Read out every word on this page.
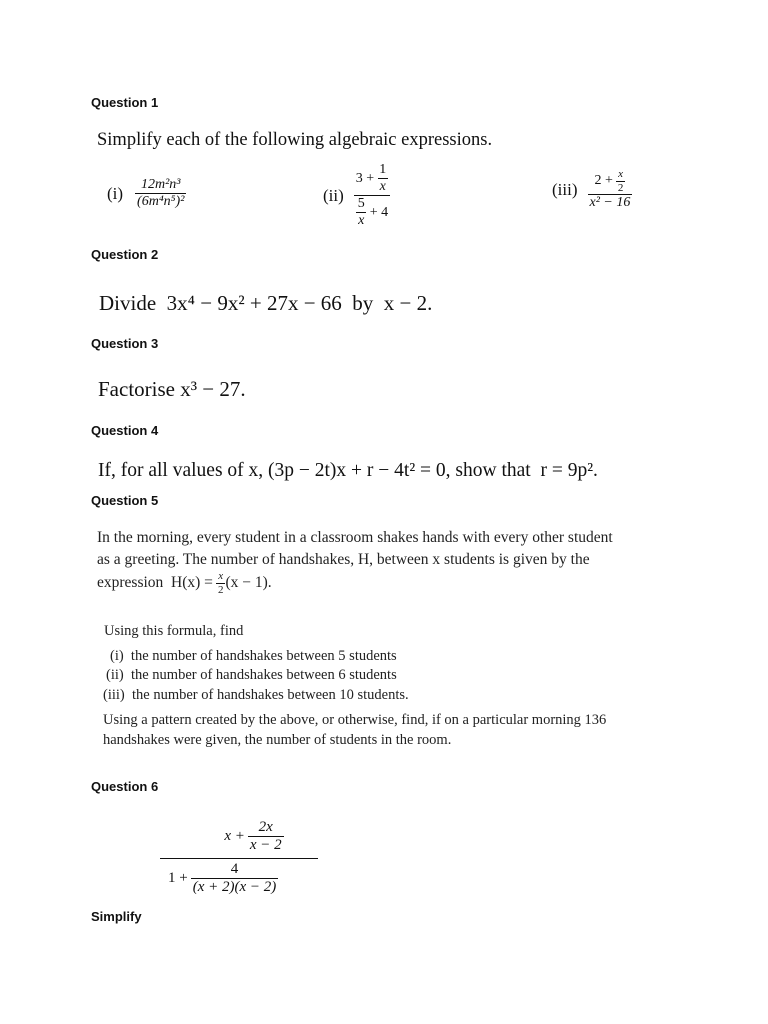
Question 1
Simplify each of the following algebraic expressions.
$(i) \frac{\text{12m²n³}}{\text{(6m⁴n⁵)²}}$	$(ii) \frac{3 + \frac{1}{x}}{\frac{5}{x} + 4}$	$(iii) \frac{2 + \frac{x}{2}}{\text{x² − 16}}$
Question 2
Divide  3x⁴ − 9x² + 27x − 66  by  x − 2.
Question 3
Factorise x³ − 27.
Question 4
If, for all values of x, (3p − 2t)x + r − 4t² = 0, show that  r = 9p².
Question 5
In the morning, every student in a classroom shakes hands with every other student
as a greeting. The number of handshakes, H, between x students is given by the
expression  $H(x) = \frac{x}{2} (x - 1)$.
Using this formula, find
(i)  the number of handshakes between 5 students
(ii)  the number of handshakes between 6 students
(iii)  the number of handshakes between 10 students.
Using a pattern created by the above, or otherwise, find, if on a particular morning 136
handshakes were given, the number of students in the room.
Question 6
$\frac{x + \frac{2x}{x - 2}}{1 + \frac{4}{(x + 2)(x - 2)}}$
Simplify
